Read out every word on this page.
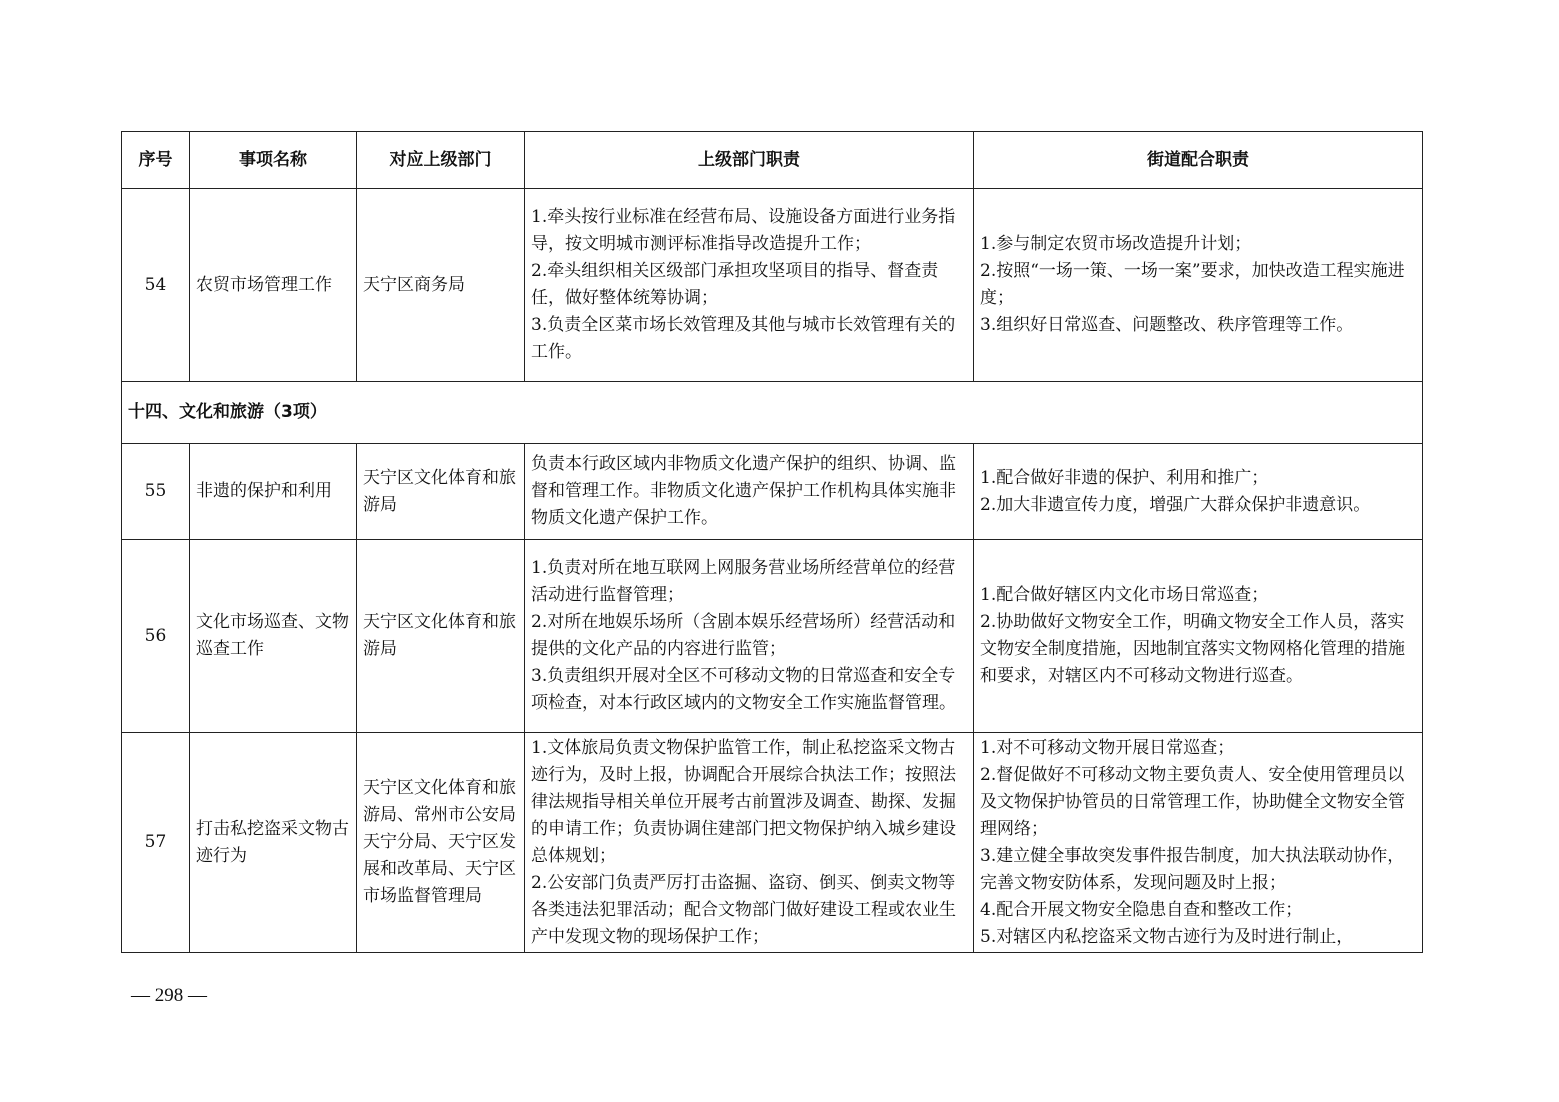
序号	事项名称	对应上级部门	上级部门职责	街道配合职责
54	农贸市场管理工作	天宁区商务局	1.牵头按行业标准在经营布局、设施设备方面进行业务指导，按文明城市测评标准指导改造提升工作；
2.牵头组织相关区级部门承担攻坚项目的指导、督查责任，做好整体统筹协调；
3.负责全区菜市场长效管理及其他与城市长效管理有关的工作。	1.参与制定农贸市场改造提升计划；
2.按照“一场一策、一场一案”要求，加快改造工程实施进度；
3.组织好日常巡查、问题整改、秩序管理等工作。

十四、文化和旅游（3项）				
55	非遗的保护和利用	天宁区文化体育和旅游局	负责本行政区域内非物质文化遗产保护的组织、协调、监督和管理工作。非物质文化遗产保护工作机构具体实施非物质文化遗产保护工作。	1.配合做好非遗的保护、利用和推广；
2.加大非遗宣传力度，增强广大群众保护非遗意识。

56	文化市场巡查、文物巡查工作	天宁区文化体育和旅游局	1.负责对所在地互联网上网服务营业场所经营单位的经营活动进行监督管理；
2.对所在地娱乐场所（含剧本娱乐经营场所）经营活动和提供的文化产品的内容进行监管；
3.负责组织开展对全区不可移动文物的日常巡查和安全专项检查，对本行政区域内的文物安全工作实施监督管理。	1.配合做好辖区内文化市场日常巡查；
2.协助做好文物安全工作，明确文物安全工作人员，落实文物安全制度措施，因地制宜落实文物网格化管理的措施和要求，对辖区内不可移动文物进行巡查。

57	打击私挖盗采文物古迹行为	天宁区文化体育和旅游局、常州市公安局天宁分局、天宁区发展和改革局、天宁区市场监督管理局	1.文体旅局负责文物保护监管工作，制止私挖盗采文物古迹行为，及时上报，协调配合开展综合执法工作；按照法律法规指导相关单位开展考古前置涉及调查、勘探、发掘的申请工作；负责协调住建部门把文物保护纳入城乡建设总体规划；
2.公安部门负责严厉打击盗掘、盗窃、倒买、倒卖文物等各类违法犯罪活动；配合文物部门做好建设工程或农业生产中发现文物的现场保护工作；	1.对不可移动文物开展日常巡查；
2.督促做好不可移动文物主要负责人、安全使用管理员以及文物保护协管员的日常管理工作，协助健全文物安全管理网络；
3.建立健全事故突发事件报告制度，加大执法联动协作，完善文物安防体系，发现问题及时上报；
4.配合开展文物安全隐患自查和整改工作；
5.对辖区内私挖盗采文物古迹行为及时进行制止，
— 298 —
